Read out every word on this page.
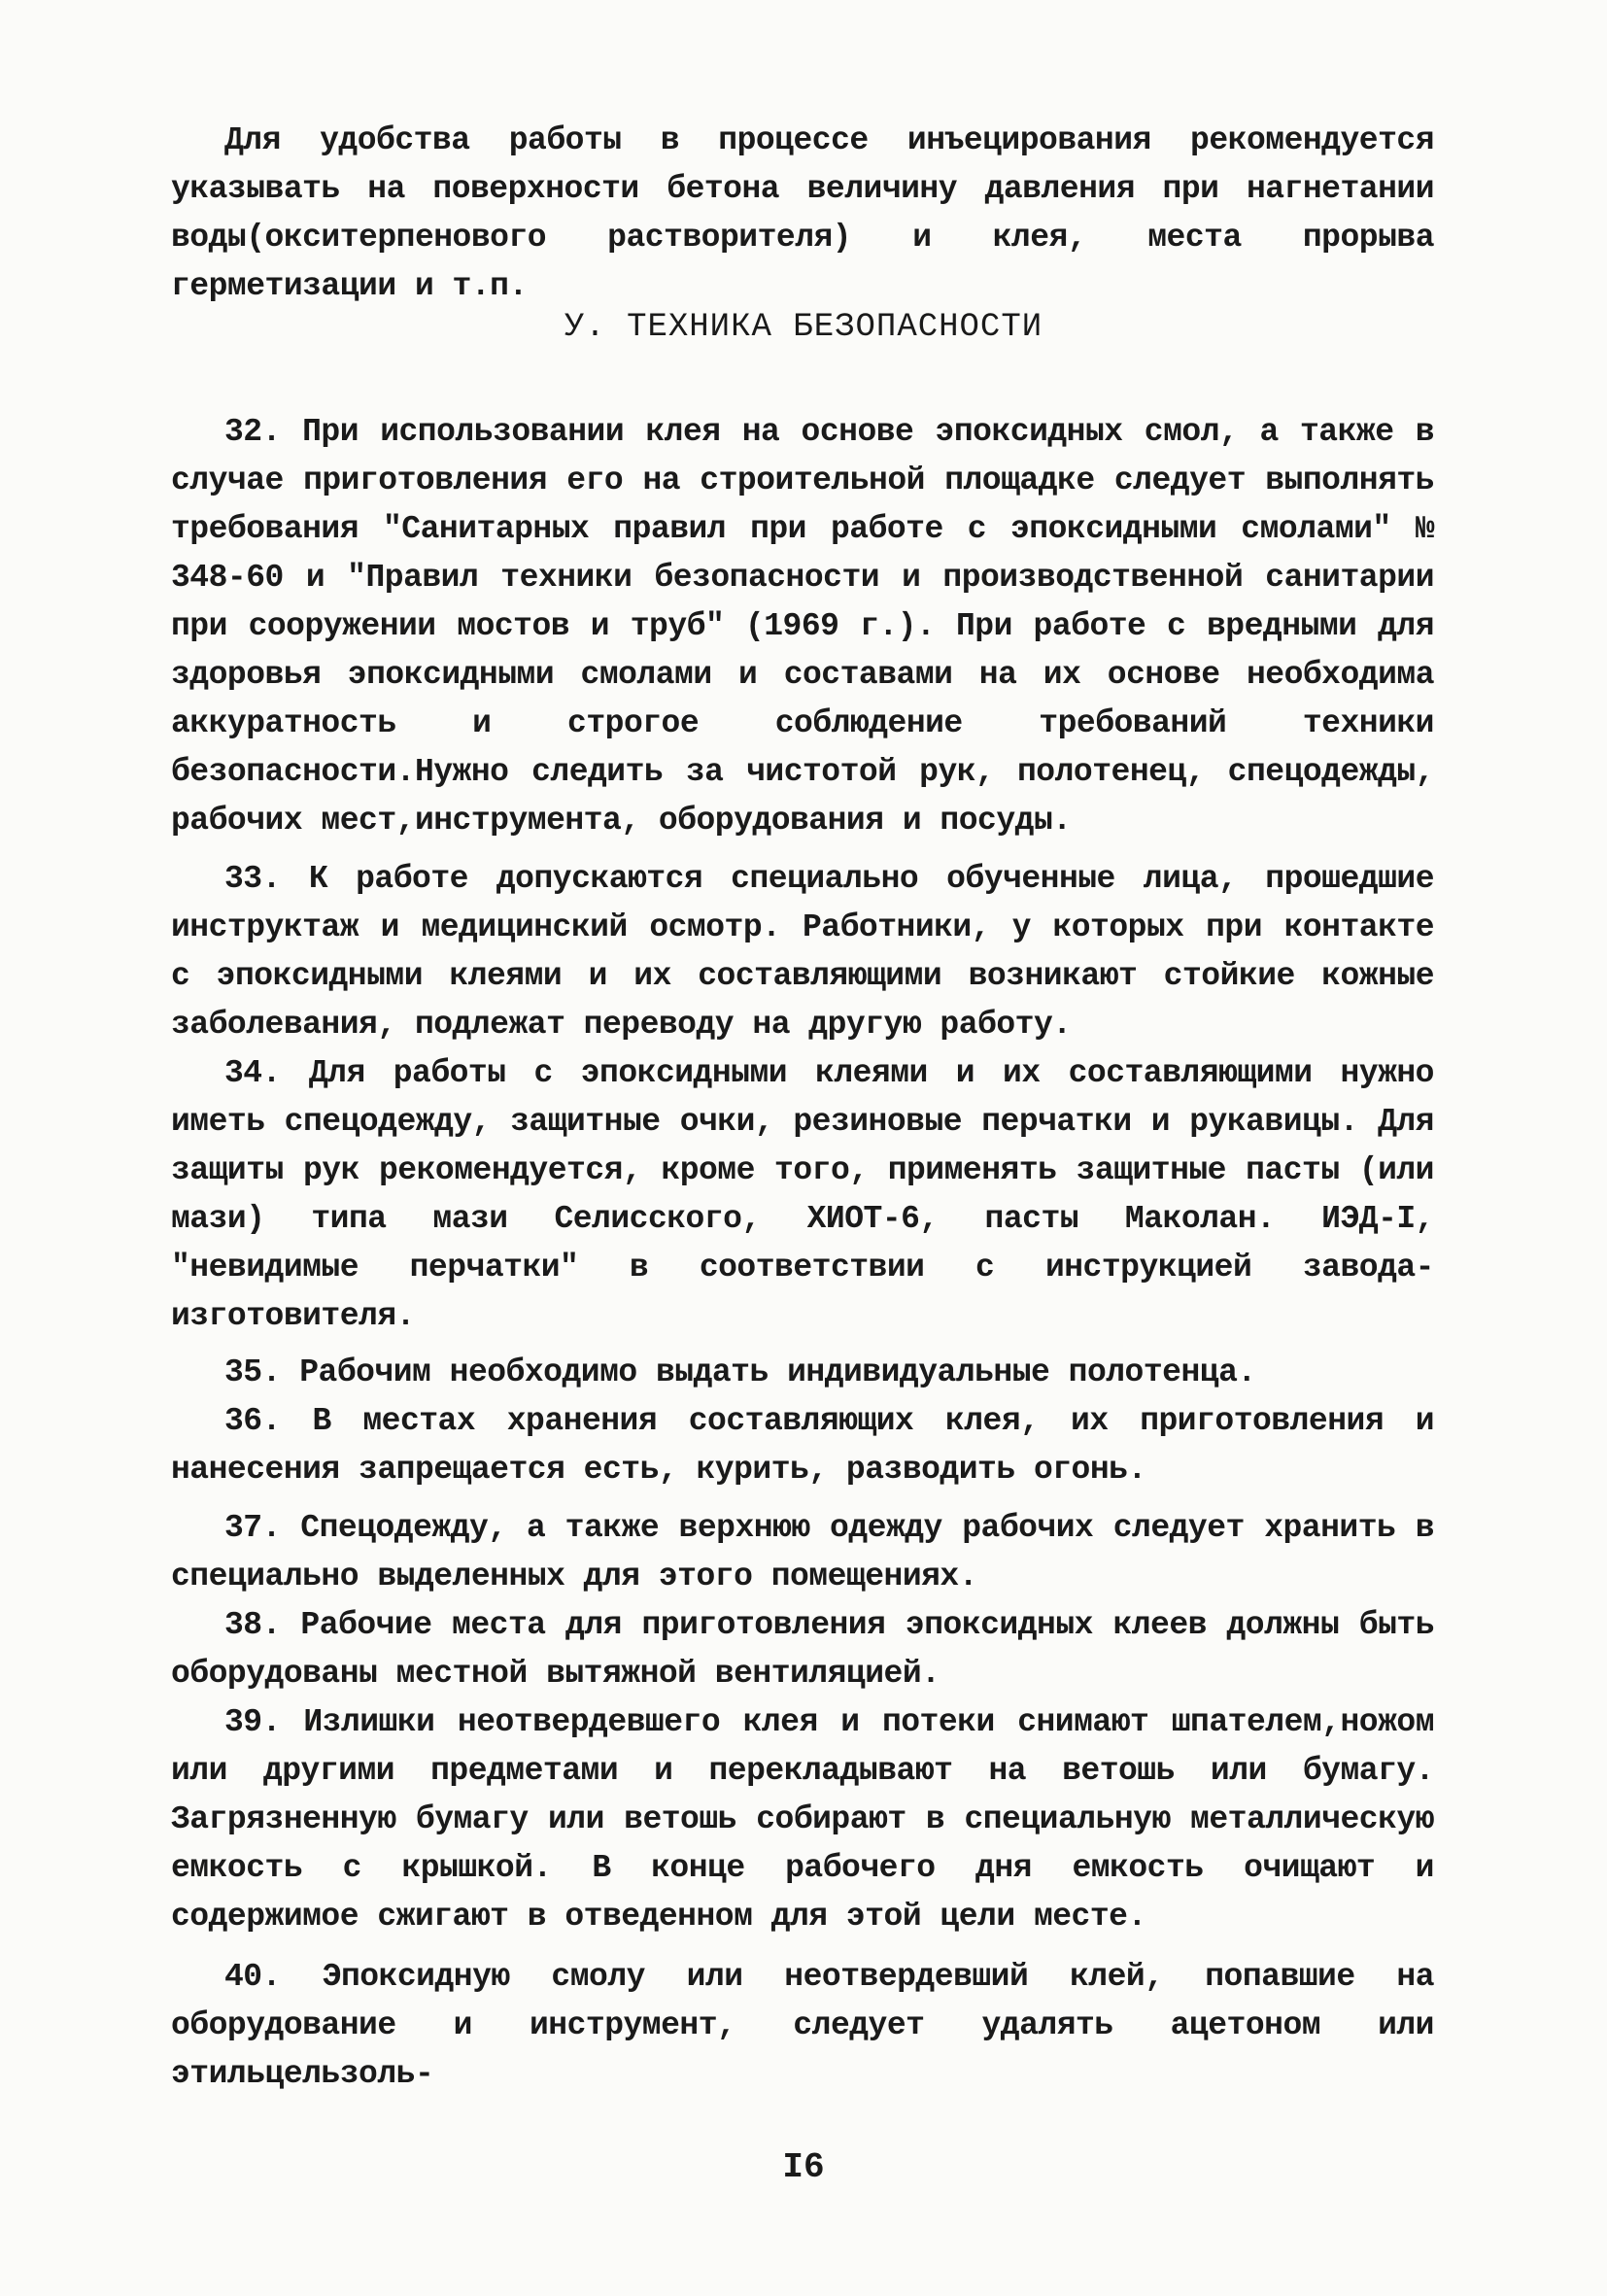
Для удобства работы в процессе инъецирования рекомендуется указывать на поверхности бетона величину давления при нагнетании воды(окситерпенового растворителя) и клея, места прорыва герметизации и т.п.

У. ТЕХНИКА БЕЗОПАСНОСТИ

32. При использовании клея на основе эпоксидных смол, а также в случае приготовления его на строительной площадке следует выполнять требования "Санитарных правил при работе с эпоксидными смолами" № 348-60 и "Правил техники безопасности и производственной санитарии при сооружении мостов и труб" (1969 г.). При работе с вредными для здоровья эпоксидными смолами и составами на их основе необходима аккуратность и строгое соблюдение требований техники безопасности.Нужно следить за чистотой рук, полотенец, спецодежды, рабочих мест,инструмента, оборудования и посуды.

33. К работе допускаются специально обученные лица, прошедшие инструктаж и медицинский осмотр. Работники, у которых при контакте с эпоксидными клеями и их составляющими возникают стойкие кожные заболевания, подлежат переводу на другую работу.

34. Для работы с эпоксидными клеями и их составляющими нужно иметь спецодежду, защитные очки, резиновые перчатки и рукавицы. Для защиты рук рекомендуется, кроме того, применять защитные пасты (или мази) типа мази Селисского, ХИОТ-6, пасты Маколан. ИЭД-I, "невидимые перчатки" в соответствии с инструкцией завода-изготовителя.

35. Рабочим необходимо выдать индивидуальные полотенца.

36. В местах хранения составляющих клея, их приготовления и нанесения запрещается есть, курить, разводить огонь.

37. Спецодежду, а также верхнюю одежду рабочих следует хранить в специально выделенных для этого помещениях.

38. Рабочие места для приготовления эпоксидных клеев должны быть оборудованы местной вытяжной вентиляцией.

39. Излишки неотвердевшего клея и потеки снимают шпателем,ножом или другими предметами и перекладывают на ветошь или бумагу. Загрязненную бумагу или ветошь собирают в специальную металлическую емкость с крышкой. В конце рабочего дня емкость очищают и содержимое сжигают в отведенном для этой цели месте.

40. Эпоксидную смолу или неотвердевший клей, попавшие на оборудование и инструмент, следует удалять ацетоном или этильцельзоль-

I6
